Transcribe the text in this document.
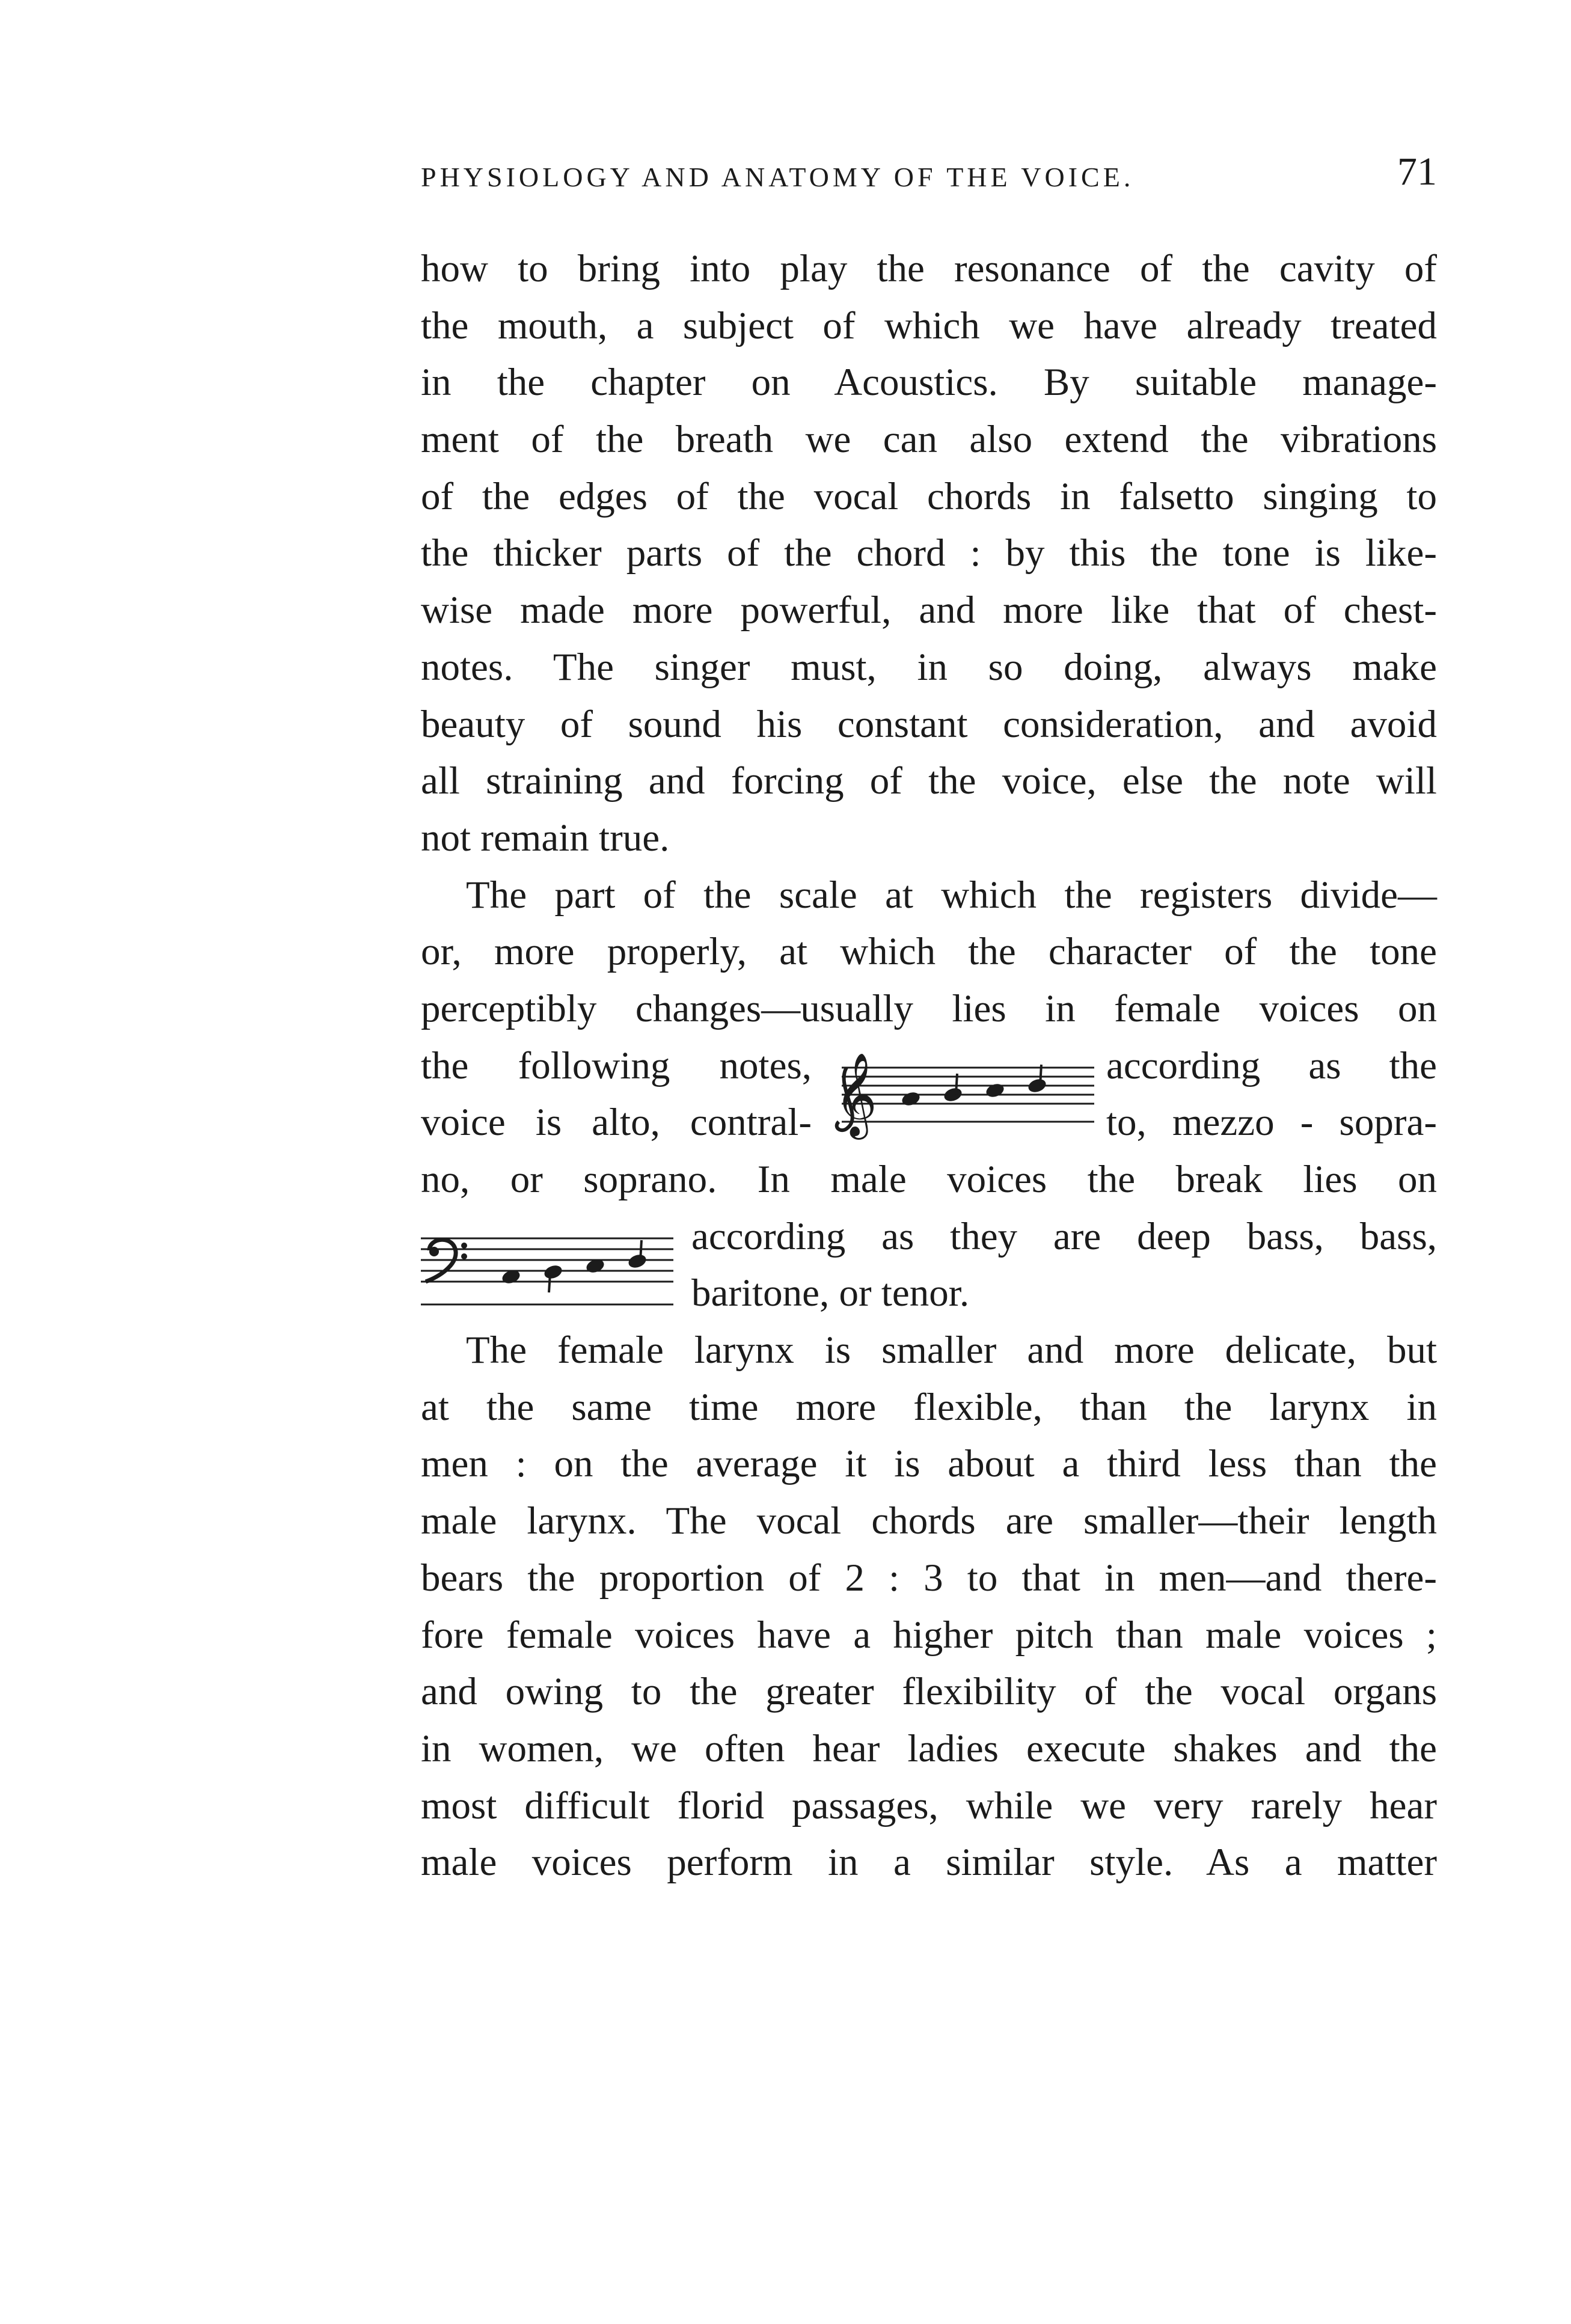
PHYSIOLOGY AND ANATOMY OF THE VOICE.	71
how to bring into play the resonance of the cavity of
the mouth, a subject of which we have already treated
in the chapter on Acoustics. By suitable manage-
ment of the breath we can also extend the vibrations
of the edges of the vocal chords in falsetto singing to
the thicker parts of the chord : by this the tone is like-
wise made more powerful, and more like that of chest-
notes. The singer must, in so doing, always make
beauty of sound his constant consideration, and avoid
all straining and forcing of the voice, else the note will
not remain true.
The part of the scale at which the registers divide—
or, more properly, at which the character of the tone
perceptibly changes—usually lies in female voices on
the following notes,	according as the
voice is alto, contral-	to, mezzo - sopra-
𝄞
no, or soprano. In male voices the break lies on
according as they are deep bass, bass,
baritone, or tenor.
The female larynx is smaller and more delicate, but
at the same time more flexible, than the larynx in
men : on the average it is about a third less than the
male larynx. The vocal chords are smaller—their length
bears the proportion of 2 : 3 to that in men—and there-
fore female voices have a higher pitch than male voices ;
and owing to the greater flexibility of the vocal organs
in women, we often hear ladies execute shakes and the
most difficult florid passages, while we very rarely hear
male voices perform in a similar style. As a matter
